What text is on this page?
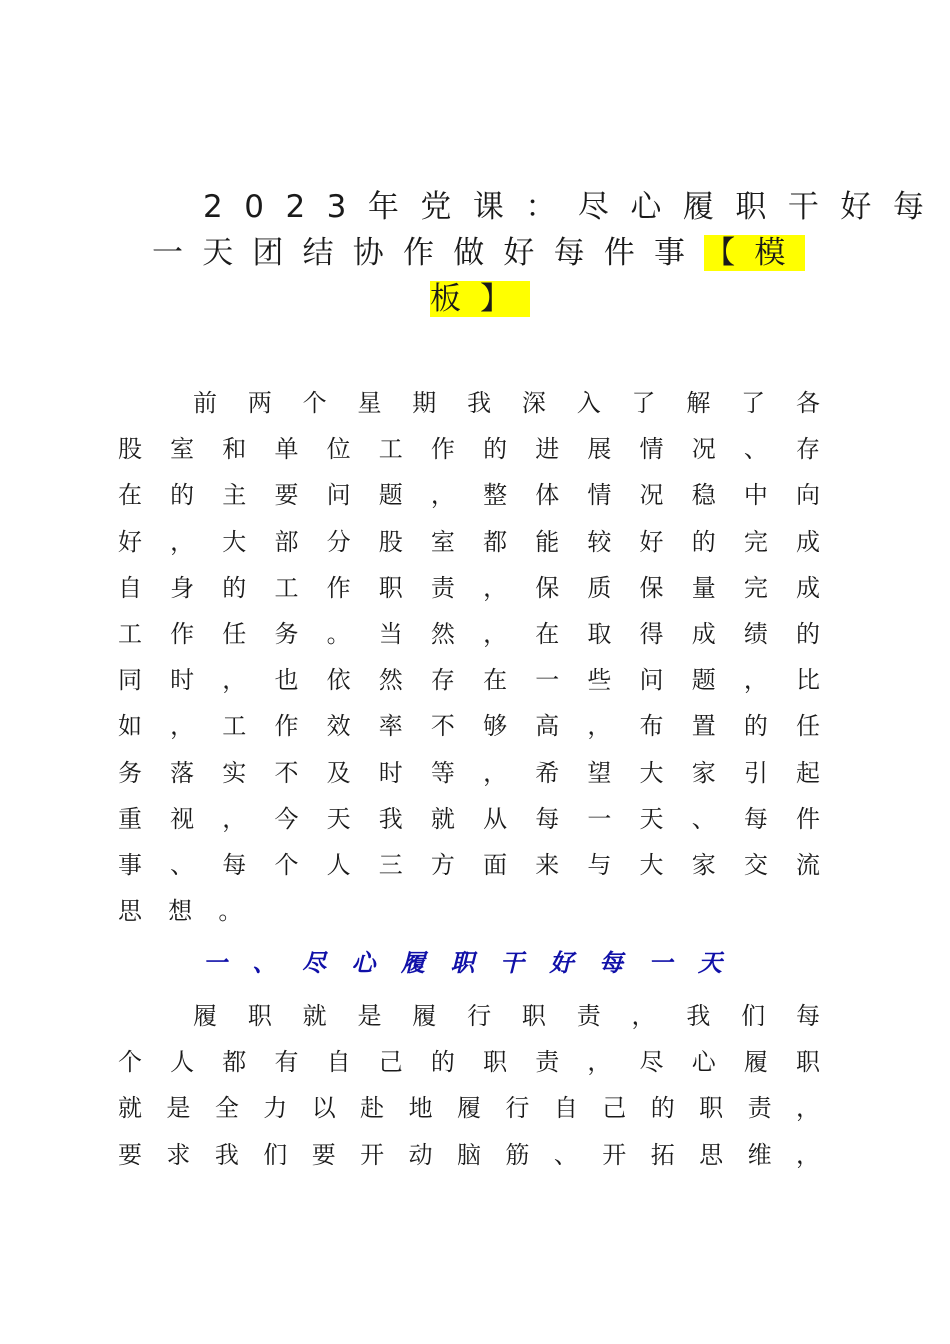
2023年党课：尽心履职干好每
一天团结协作做好每件事【模
板】
前 两 个 星 期 我 深 入 了 解 了 各
股 室 和 单 位 工 作 的 进 展 情 况 、 存
在 的 主 要 问 题 ， 整 体 情 况 稳 中 向
好 ， 大 部 分 股 室 都 能 较 好 的 完 成
自 身 的 工 作 职 责 ， 保 质 保 量 完 成
工 作 任 务 。 当 然 ， 在 取 得 成 绩 的
同 时 ， 也 依 然 存 在 一 些 问 题 ， 比
如 ， 工 作 效 率 不 够 高 ， 布 置 的 任
务 落 实 不 及 时 等 ， 希 望 大 家 引 起
重 视 ， 今 天 我 就 从 每 一 天 、 每 件
事 、 每 个 人 三 方 面 来 与 大 家 交 流
思 想 。
一、尽心履职干好每一天
履 职 就 是 履 行 职 责 ， 我 们 每
个 人 都 有 自 己 的 职 责 ， 尽 心 履 职
就 是 全 力 以 赴 地 履 行 自 己 的 职 责 ，
要 求 我 们 要 开 动 脑 筋 、 开 拓 思 维 ，
